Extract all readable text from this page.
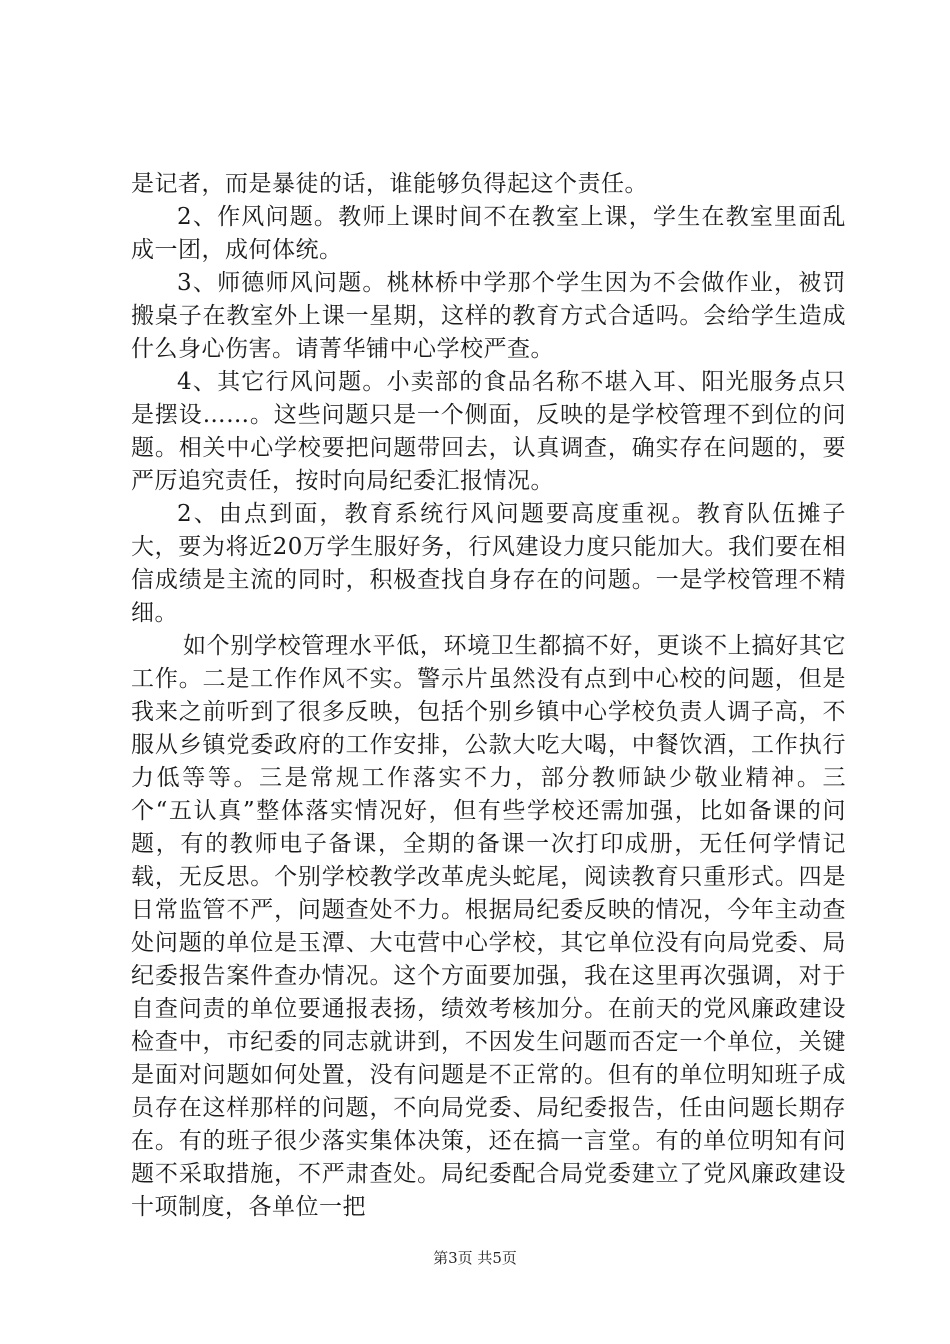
是记者，而是暴徒的话，谁能够负得起这个责任。

2、作风问题。教师上课时间不在教室上课，学生在教室里面乱成一团，成何体统。

3、师德师风问题。桃林桥中学那个学生因为不会做作业，被罚搬桌子在教室外上课一星期，这样的教育方式合适吗。会给学生造成什么身心伤害。请菁华铺中心学校严查。

4、其它行风问题。小卖部的食品名称不堪入耳、阳光服务点只是摆设……。这些问题只是一个侧面，反映的是学校管理不到位的问题。相关中心学校要把问题带回去，认真调查，确实存在问题的，要严厉追究责任，按时向局纪委汇报情况。

2、由点到面，教育系统行风问题要高度重视。教育队伍摊子大，要为将近20万学生服好务，行风建设力度只能加大。我们要在相信成绩是主流的同时，积极查找自身存在的问题。一是学校管理不精细。

如个别学校管理水平低，环境卫生都搞不好，更谈不上搞好其它工作。二是工作作风不实。警示片虽然没有点到中心校的问题，但是我来之前听到了很多反映，包括个别乡镇中心学校负责人调子高，不服从乡镇党委政府的工作安排，公款大吃大喝，中餐饮酒，工作执行力低等等。三是常规工作落实不力，部分教师缺少敬业精神。三个“五认真”整体落实情况好，但有些学校还需加强，比如备课的问题，有的教师电子备课，全期的备课一次打印成册，无任何学情记载，无反思。个别学校教学改革虎头蛇尾，阅读教育只重形式。四是日常监管不严，问题查处不力。根据局纪委反映的情况，今年主动查处问题的单位是玉潭、大屯营中心学校，其它单位没有向局党委、局纪委报告案件查办情况。这个方面要加强，我在这里再次强调，对于自查问责的单位要通报表扬，绩效考核加分。在前天的党风廉政建设检查中，市纪委的同志就讲到，不因发生问题而否定一个单位，关键是面对问题如何处置，没有问题是不正常的。但有的单位明知班子成员存在这样那样的问题，不向局党委、局纪委报告，任由问题长期存在。有的班子很少落实集体决策，还在搞一言堂。有的单位明知有问题不采取措施，不严肃查处。局纪委配合局党委建立了党风廉政建设十项制度，各单位一把

第3页 共5页
